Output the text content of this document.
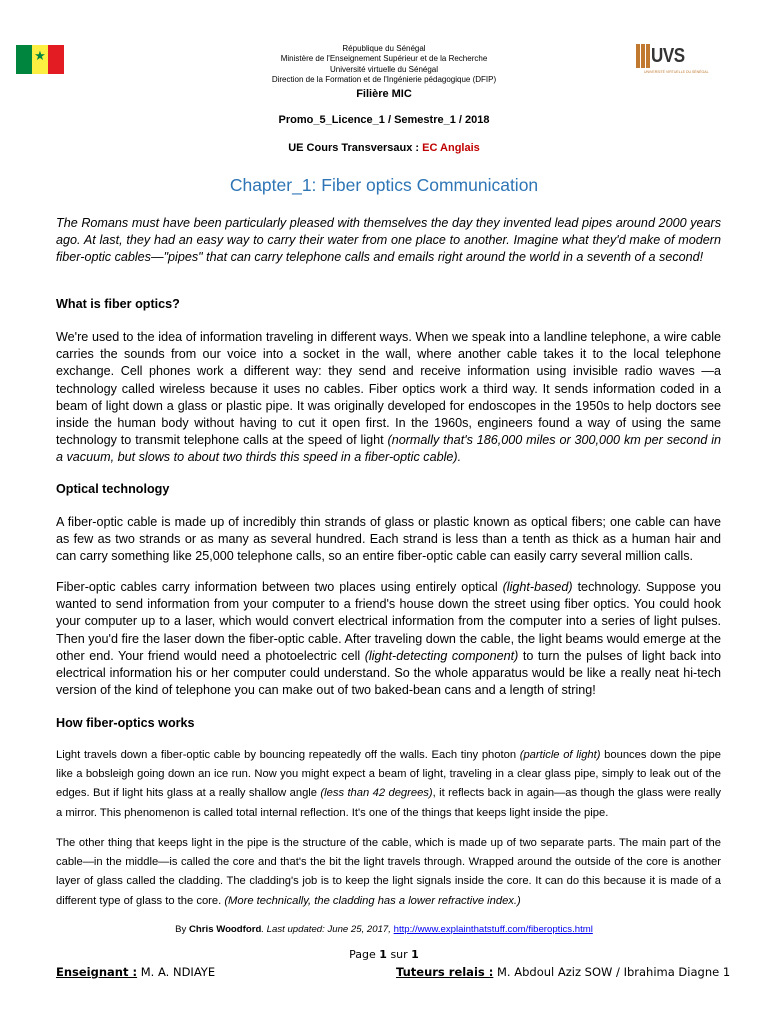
★	UVS
UNIVERSITÉ VIRTUELLE DU SÉNÉGAL
République du Sénégal
Ministère de l'Enseignement Supérieur et de la Recherche
Université virtuelle du Sénégal
Direction de la Formation et de l'Ingénierie pédagogique (DFIP)
Filière MIC
Promo_5_Licence_1 / Semestre_1 / 2018
UE Cours Transversaux : EC Anglais
Chapter_1: Fiber optics Communication

The Romans must have been particularly pleased with themselves the day they invented lead pipes around 2000 years ago. At last, they had an easy way to carry their water from one place to another. Imagine what they'd make of modern fiber-optic cables—"pipes" that can carry telephone calls and emails right around the world in a seventh of a second!

What is fiber optics?

We're used to the idea of information traveling in different ways. When we speak into a landline telephone, a wire cable carries the sounds from our voice into a socket in the wall, where another cable takes it to the local telephone exchange. Cell phones work a different way: they send and receive information using invisible radio waves —a technology called wireless because it uses no cables. Fiber optics work a third way. It sends information coded in a beam of light down a glass or plastic pipe. It was originally developed for endoscopes in the 1950s to help doctors see inside the human body without having to cut it open first. In the 1960s, engineers found a way of using the same technology to transmit telephone calls at the speed of light (normally that's 186,000 miles or 300,000 km per second in a vacuum, but slows to about two thirds this speed in a fiber-optic cable).

Optical technology

A fiber-optic cable is made up of incredibly thin strands of glass or plastic known as optical fibers; one cable can have as few as two strands or as many as several hundred. Each strand is less than a tenth as thick as a human hair and can carry something like 25,000 telephone calls, so an entire fiber-optic cable can easily carry several million calls.

Fiber-optic cables carry information between two places using entirely optical (light-based) technology. Suppose you wanted to send information from your computer to a friend's house down the street using fiber optics. You could hook your computer up to a laser, which would convert electrical information from the computer into a series of light pulses. Then you'd fire the laser down the fiber-optic cable. After traveling down the cable, the light beams would emerge at the other end. Your friend would need a photoelectric cell (light-detecting component) to turn the pulses of light back into electrical information his or her computer could understand. So the whole apparatus would be like a really neat hi-tech version of the kind of telephone you can make out of two baked-bean cans and a length of string!

How fiber-optics works

Light travels down a fiber-optic cable by bouncing repeatedly off the walls. Each tiny photon (particle of light) bounces down the pipe like a bobsleigh going down an ice run. Now you might expect a beam of light, traveling in a clear glass pipe, simply to leak out of the edges. But if light hits glass at a really shallow angle (less than 42 degrees), it reflects back in again—as though the glass were really a mirror. This phenomenon is called total internal reflection. It's one of the things that keeps light inside the pipe.

The other thing that keeps light in the pipe is the structure of the cable, which is made up of two separate parts. The main part of the cable—in the middle—is called the core and that's the bit the light travels through. Wrapped around the outside of the core is another layer of glass called the cladding. The cladding's job is to keep the light signals inside the core. It can do this because it is made of a different type of glass to the core. (More technically, the cladding has a lower refractive index.)

By Chris Woodford. Last updated: June 25, 2017, http://www.explainthatstuff.com/fiberoptics.html
Page 1 sur 1
Enseignant : M. A. NDIAYE	Tuteurs relais : M. Abdoul Aziz SOW / Ibrahima Diagne 1
